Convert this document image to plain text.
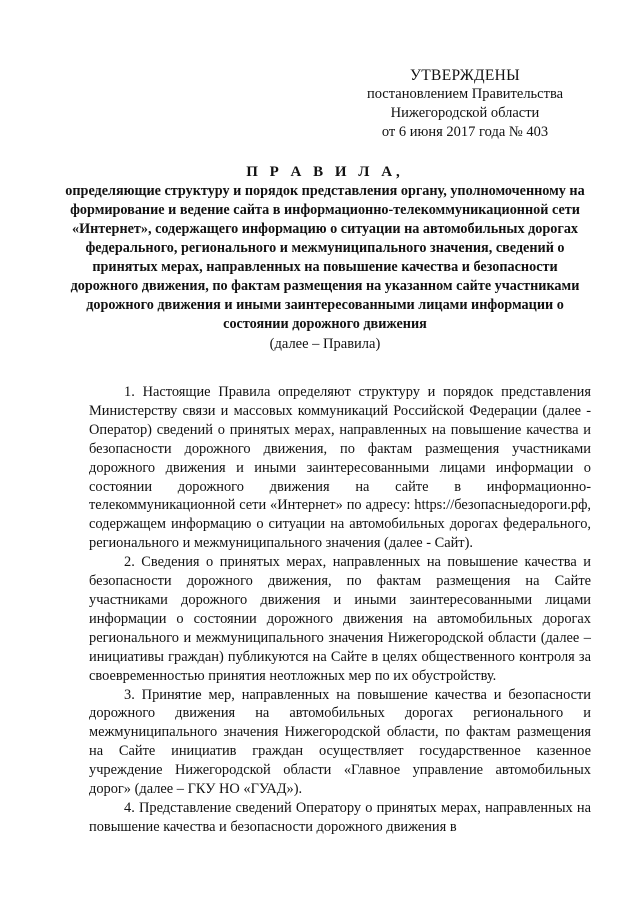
УТВЕРЖДЕНЫ
постановлением Правительства
Нижегородской области
от 6 июня 2017 года № 403
П Р А В И Л А,
определяющие структуру и порядок представления органу, уполномоченному на формирование и ведение сайта в информационно-телекоммуникационной сети «Интернет», содержащего информацию о ситуации на автомобильных дорогах федерального, регионального и межмуниципального значения, сведений о принятых мерах, направленных на повышение качества и безопасности дорожного движения, по фактам размещения на указанном сайте участниками дорожного движения и иными заинтересованными лицами информации о состоянии дорожного движения
(далее – Правила)

1. Настоящие Правила определяют структуру и порядок представления Министерству связи и массовых коммуникаций Российской Федерации (далее - Оператор) сведений о принятых мерах, направленных на повышение качества и безопасности дорожного движения, по фактам размещения участниками дорожного движения и иными заинтересованными лицами информации о состоянии дорожного движения на сайте в информационно-телекоммуникационной сети «Интернет» по адресу: https://безопасныедороги.рф, содержащем информацию о ситуации на автомобильных дорогах федерального, регионального и межмуниципального значения (далее - Сайт).

2. Сведения о принятых мерах, направленных на повышение качества и безопасности дорожного движения, по фактам размещения на Сайте участниками дорожного движения и иными заинтересованными лицами информации о состоянии дорожного движения на автомобильных дорогах регионального и межмуниципального значения Нижегородской области (далее – инициативы граждан) публикуются на Сайте в целях общественного контроля за своевременностью принятия неотложных мер по их обустройству.

3. Принятие мер, направленных на повышение качества и безопасности дорожного движения на автомобильных дорогах регионального и межмуниципального значения Нижегородской области, по фактам размещения на Сайте инициатив граждан осуществляет государственное казенное учреждение Нижегородской области «Главное управление автомобильных дорог» (далее – ГКУ НО «ГУАД»).

4. Представление сведений Оператору о принятых мерах, направленных на повышение качества и безопасности дорожного движения в
